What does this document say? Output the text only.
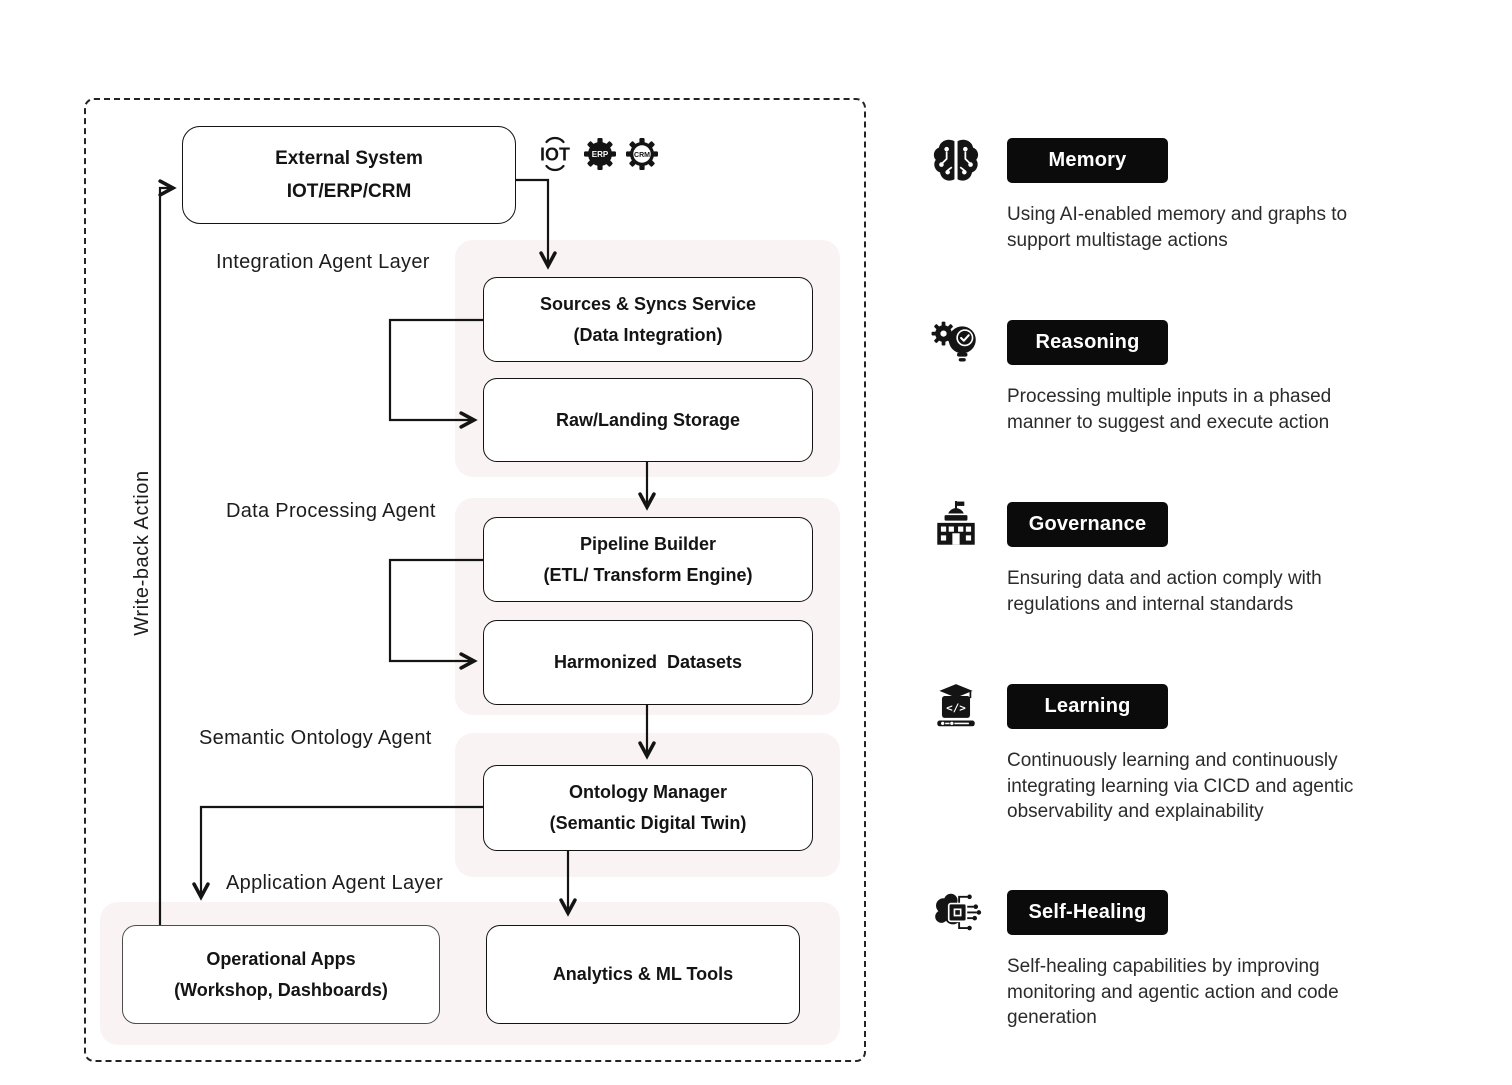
External System
IOT/ERP/CRM
IOT	ERP	CRM
Integration Agent Layer
Data Processing Agent
Semantic Ontology Agent
Application Agent Layer
Write-back Action
Sources & Syncs Service
(Data Integration)
Raw/Landing Storage
Pipeline Builder
(ETL/ Transform Engine)
Harmonized  Datasets
Ontology Manager
(Semantic Digital Twin)
Operational Apps
(Workshop, Dashboards)
Analytics & ML Tools
Memory
Using AI-enabled memory and graphs to support multistage actions
Reasoning
Processing multiple inputs in a phased manner to suggest and execute action
Governance
Ensuring data and action comply with regulations and internal standards
</>	Learning
Continuously learning and continuously integrating learning via CICD and agentic observability and explainability
Self-Healing
Self-healing capabilities by improving monitoring and agentic action and code generation
